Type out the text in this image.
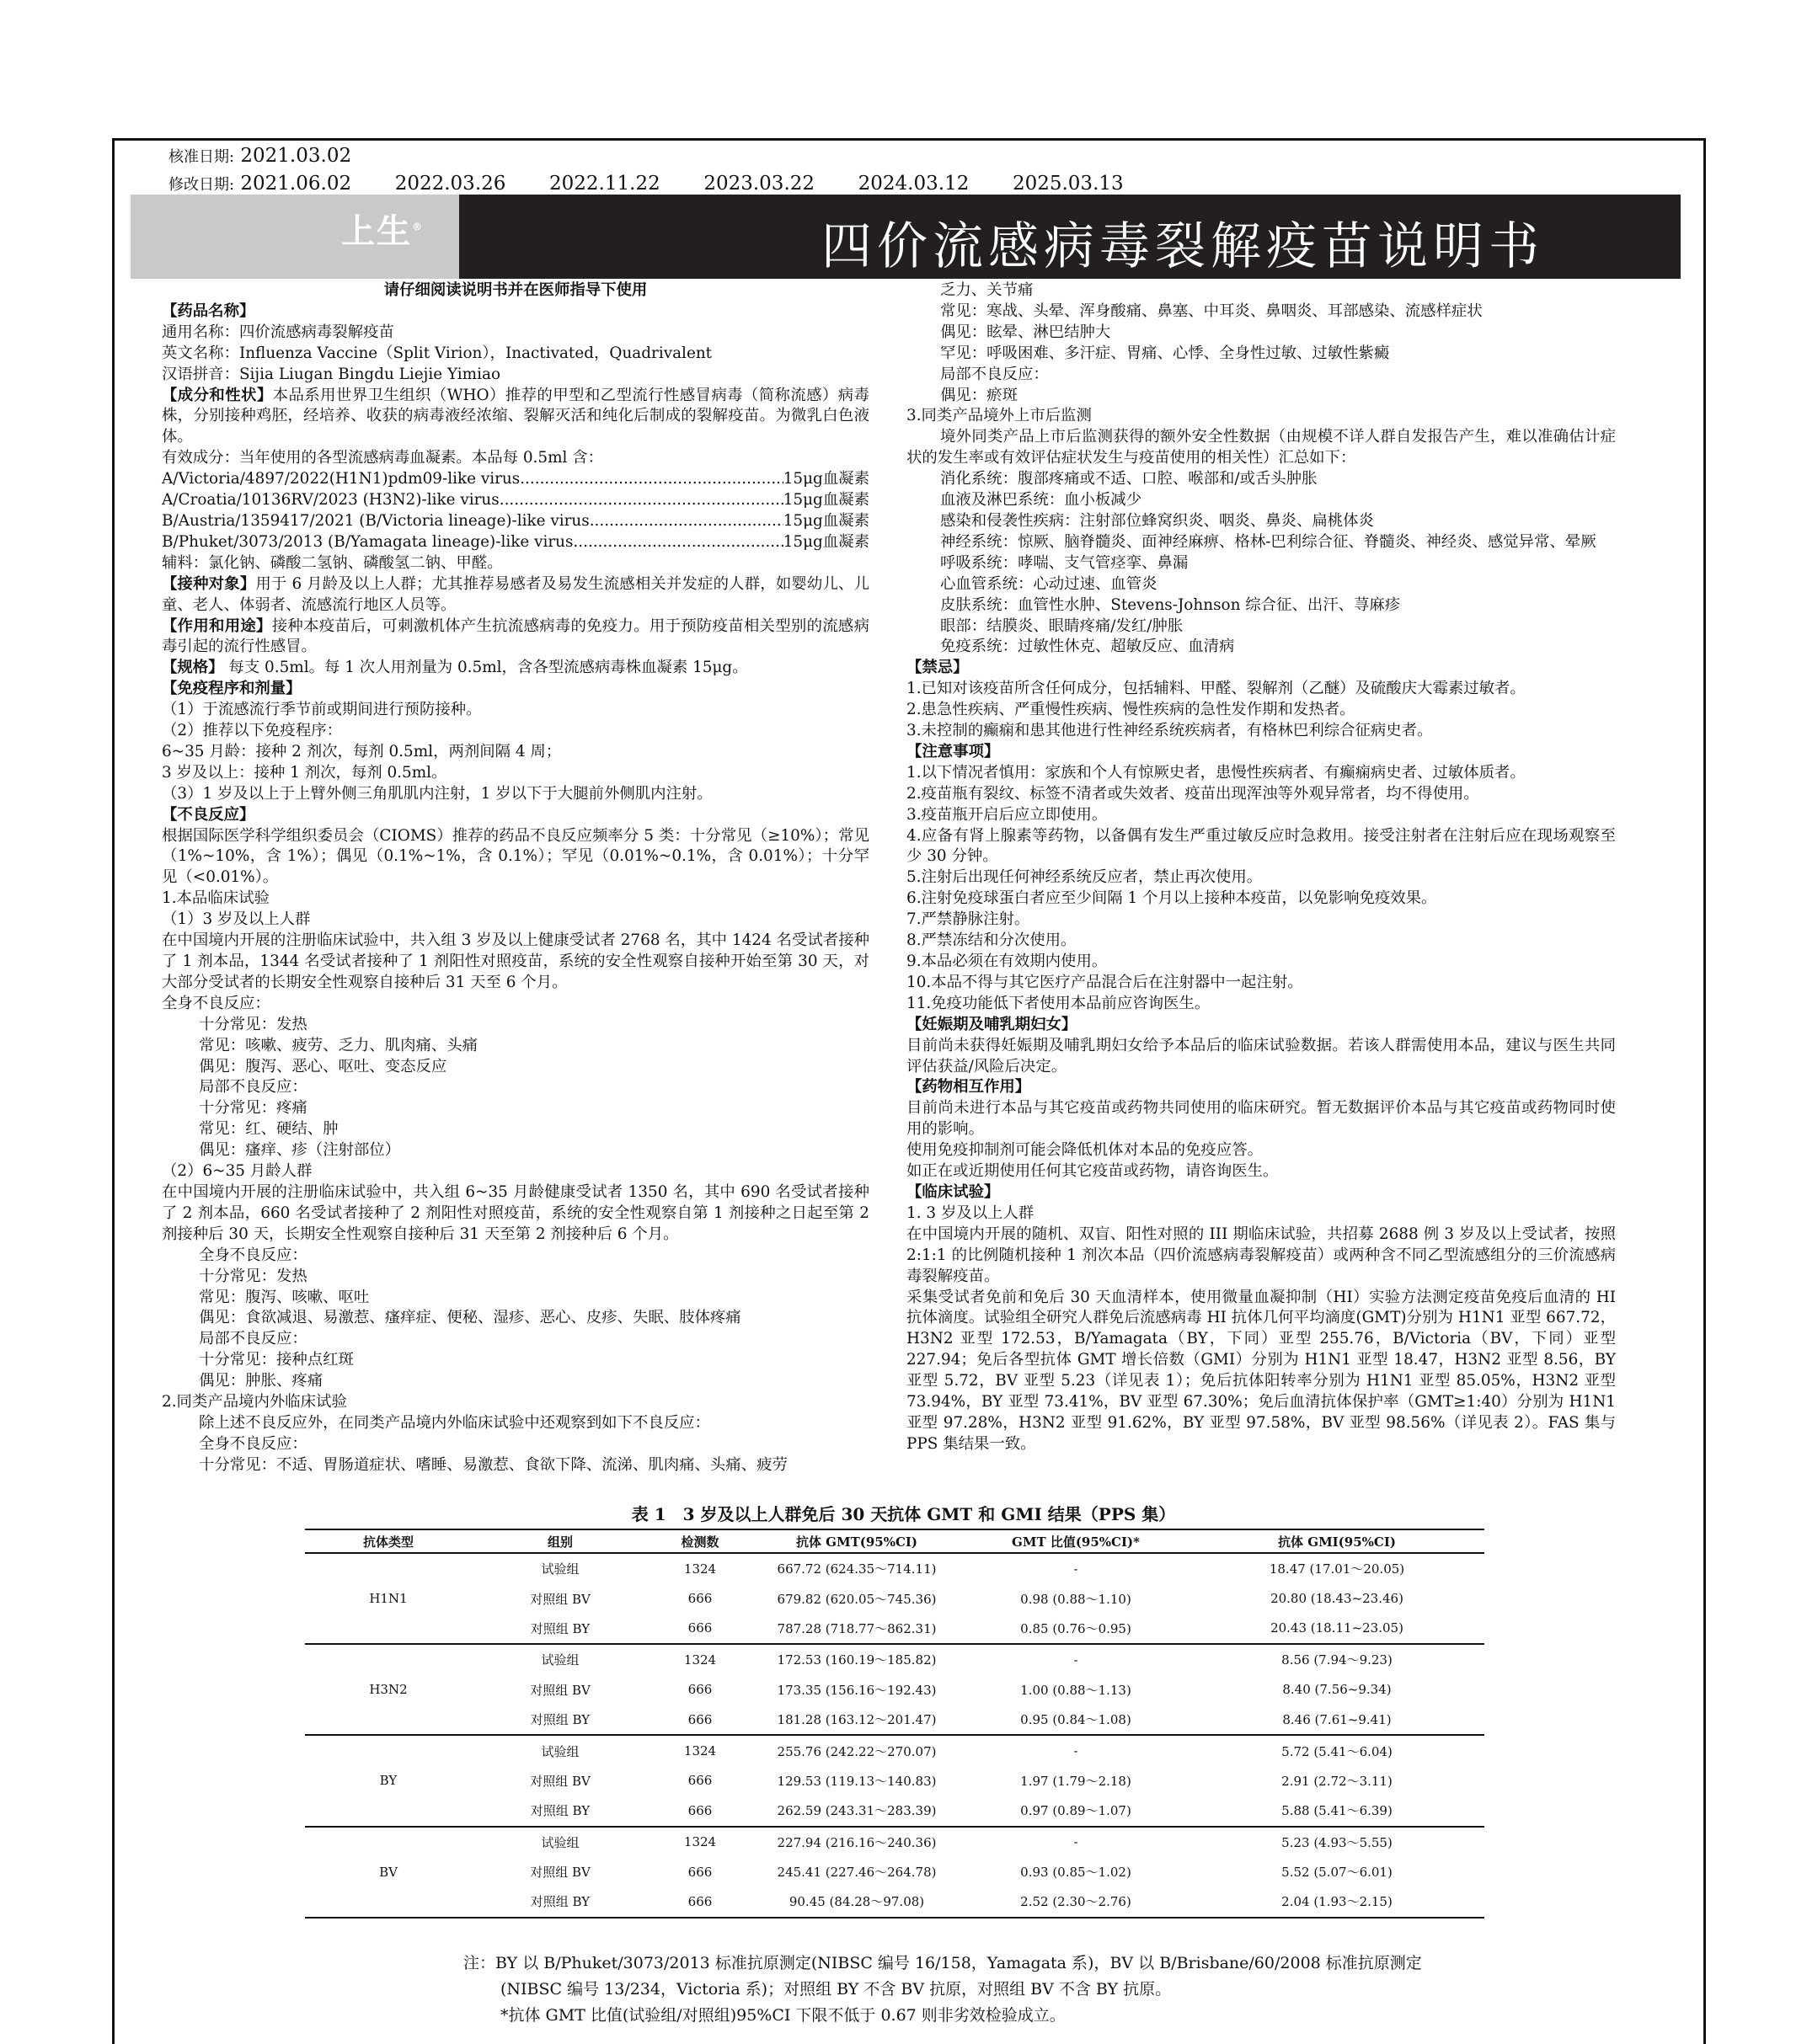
核准日期: 2021.03.02
修改日期: 2021.06.02 2022.03.26 2022.11.22 2023.03.22 2024.03.12 2025.03.13
上生®	四价流感病毒裂解疫苗说明书

请仔细阅读说明书并在医师指导下使用

【药品名称】

通用名称：四价流感病毒裂解疫苗

英文名称：Influenza Vaccine（Split Virion），Inactivated，Quadrivalent

汉语拼音：Sijia Liugan Bingdu Liejie Yimiao

【成分和性状】本品系用世界卫生组织（WHO）推荐的甲型和乙型流行性感冒病毒（简称流感）病毒株，分别接种鸡胚，经培养、收获的病毒液经浓缩、裂解灭活和纯化后制成的裂解疫苗。为微乳白色液体。

有效成分：当年使用的各型流感病毒血凝素。本品每 0.5ml 含：

A/Victoria/4897/2022(H1N1)pdm09-like virus .....	15μg血凝素

A/Croatia/10136RV/2023 (H3N2)-like virus .....	15μg血凝素

B/Austria/1359417/2021 (B/Victoria lineage)-like virus .....	15μg血凝素

B/Phuket/3073/2013 (B/Yamagata lineage)-like virus .....	15μg血凝素

辅料：氯化钠、磷酸二氢钠、磷酸氢二钠、甲醛。

【接种对象】用于 6 月龄及以上人群；尤其推荐易感者及易发生流感相关并发症的人群，如婴幼儿、儿童、老人、体弱者、流感流行地区人员等。

【作用和用途】接种本疫苗后，可刺激机体产生抗流感病毒的免疫力。用于预防疫苗相关型别的流感病毒引起的流行性感冒。

【规格】 每支 0.5ml。每 1 次人用剂量为 0.5ml，含各型流感病毒株血凝素 15μg。

【免疫程序和剂量】

（1）于流感流行季节前或期间进行预防接种。

（2）推荐以下免疫程序：

6~35 月龄：接种 2 剂次，每剂 0.5ml，两剂间隔 4 周；

3 岁及以上：接种 1 剂次，每剂 0.5ml。

（3）1 岁及以上于上臂外侧三角肌肌内注射，1 岁以下于大腿前外侧肌内注射。

【不良反应】

根据国际医学科学组织委员会（CIOMS）推荐的药品不良反应频率分 5 类：十分常见（≥10%）；常见（1%~10%，含 1%）；偶见（0.1%~1%，含 0.1%）；罕见（0.01%~0.1%，含 0.01%）；十分罕见（<0.01%）。

1.本品临床试验

（1）3 岁及以上人群

在中国境内开展的注册临床试验中，共入组 3 岁及以上健康受试者 2768 名，其中 1424 名受试者接种了 1 剂本品，1344 名受试者接种了 1 剂阳性对照疫苗，系统的安全性观察自接种开始至第 30 天，对大部分受试者的长期安全性观察自接种后 31 天至 6 个月。

全身不良反应：

十分常见：发热

常见：咳嗽、疲劳、乏力、肌肉痛、头痛

偶见：腹泻、恶心、呕吐、变态反应

局部不良反应：

十分常见：疼痛

常见：红、硬结、肿

偶见：瘙痒、疹（注射部位）

（2）6~35 月龄人群

在中国境内开展的注册临床试验中，共入组 6~35 月龄健康受试者 1350 名，其中 690 名受试者接种了 2 剂本品，660 名受试者接种了 2 剂阳性对照疫苗，系统的安全性观察自第 1 剂接种之日起至第 2 剂接种后 30 天，长期安全性观察自接种后 31 天至第 2 剂接种后 6 个月。

全身不良反应：

十分常见：发热

常见：腹泻、咳嗽、呕吐

偶见：食欲减退、易激惹、瘙痒症、便秘、湿疹、恶心、皮疹、失眠、肢体疼痛

局部不良反应：

十分常见：接种点红斑

偶见：肿胀、疼痛

2.同类产品境内外临床试验

除上述不良反应外，在同类产品境内外临床试验中还观察到如下不良反应：

全身不良反应：

十分常见：不适、胃肠道症状、嗜睡、易激惹、食欲下降、流涕、肌肉痛、头痛、疲劳

乏力、关节痛

常见：寒战、头晕、浑身酸痛、鼻塞、中耳炎、鼻咽炎、耳部感染、流感样症状

偶见：眩晕、淋巴结肿大

罕见：呼吸困难、多汗症、胃痛、心悸、全身性过敏、过敏性紫癜

局部不良反应：

偶见：瘀斑

3.同类产品境外上市后监测

境外同类产品上市后监测获得的额外安全性数据（由规模不详人群自发报告产生，难以准确估计症状的发生率或有效评估症状发生与疫苗使用的相关性）汇总如下：

消化系统：腹部疼痛或不适、口腔、喉部和/或舌头肿胀

血液及淋巴系统：血小板减少

感染和侵袭性疾病：注射部位蜂窝织炎、咽炎、鼻炎、扁桃体炎

神经系统：惊厥、脑脊髓炎、面神经麻痹、格林-巴利综合征、脊髓炎、神经炎、感觉异常、晕厥

呼吸系统：哮喘、支气管痉挛、鼻漏

心血管系统：心动过速、血管炎

皮肤系统：血管性水肿、Stevens-Johnson 综合征、出汗、荨麻疹

眼部：结膜炎、眼睛疼痛/发红/肿胀

免疫系统：过敏性休克、超敏反应、血清病

【禁忌】

1.已知对该疫苗所含任何成分，包括辅料、甲醛、裂解剂（乙醚）及硫酸庆大霉素过敏者。

2.患急性疾病、严重慢性疾病、慢性疾病的急性发作期和发热者。

3.未控制的癫痫和患其他进行性神经系统疾病者，有格林巴利综合征病史者。

【注意事项】

1.以下情况者慎用：家族和个人有惊厥史者，患慢性疾病者、有癫痫病史者、过敏体质者。

2.疫苗瓶有裂纹、标签不清者或失效者、疫苗出现浑浊等外观异常者，均不得使用。

3.疫苗瓶开启后应立即使用。

4.应备有肾上腺素等药物，以备偶有发生严重过敏反应时急救用。接受注射者在注射后应在现场观察至少 30 分钟。

5.注射后出现任何神经系统反应者，禁止再次使用。

6.注射免疫球蛋白者应至少间隔 1 个月以上接种本疫苗，以免影响免疫效果。

7.严禁静脉注射。

8.严禁冻结和分次使用。

9.本品必须在有效期内使用。

10.本品不得与其它医疗产品混合后在注射器中一起注射。

11.免疫功能低下者使用本品前应咨询医生。

【妊娠期及哺乳期妇女】

目前尚未获得妊娠期及哺乳期妇女给予本品后的临床试验数据。若该人群需使用本品，建议与医生共同评估获益/风险后决定。

【药物相互作用】

目前尚未进行本品与其它疫苗或药物共同使用的临床研究。暂无数据评价本品与其它疫苗或药物同时使用的影响。

使用免疫抑制剂可能会降低机体对本品的免疫应答。

如正在或近期使用任何其它疫苗或药物，请咨询医生。

【临床试验】

1. 3 岁及以上人群

在中国境内开展的随机、双盲、阳性对照的 III 期临床试验，共招募 2688 例 3 岁及以上受试者，按照 2:1:1 的比例随机接种 1 剂次本品（四价流感病毒裂解疫苗）或两种含不同乙型流感组分的三价流感病毒裂解疫苗。

采集受试者免前和免后 30 天血清样本，使用微量血凝抑制（HI）实验方法测定疫苗免疫后血清的 HI 抗体滴度。试验组全研究人群免后流感病毒 HI 抗体几何平均滴度(GMT)分别为 H1N1 亚型 667.72，H3N2 亚型 172.53，B/Yamagata（BY，下同）亚型 255.76，B/Victoria（BV，下同）亚型 227.94；免后各型抗体 GMT 增长倍数（GMI）分别为 H1N1 亚型 18.47，H3N2 亚型 8.56，BY 亚型 5.72，BV 亚型 5.23（详见表 1）；免后抗体阳转率分别为 H1N1 亚型 85.05%，H3N2 亚型 73.94%，BY 亚型 73.41%，BV 亚型 67.30%；免后血清抗体保护率（GMT≥1:40）分别为 H1N1 亚型 97.28%，H3N2 亚型 91.62%，BY 亚型 97.58%，BV 亚型 98.56%（详见表 2）。FAS 集与 PPS 集结果一致。

表 1　3 岁及以上人群免后 30 天抗体 GMT 和 GMI 结果（PPS 集）
抗体类型	组别	检测数	抗体 GMT(95%CI)	GMT 比值(95%CI)*	抗体 GMI(95%CI)
H1N1	试验组	1324	667.72 (624.35～714.11)	-	18.47 (17.01～20.05)
	对照组 BV	666	679.82 (620.05～745.36)	0.98 (0.88～1.10)	20.80 (18.43~23.46)
	对照组 BY	666	787.28 (718.77～862.31)	0.85 (0.76～0.95)	20.43 (18.11~23.05)
H3N2	试验组	1324	172.53 (160.19～185.82)	-	8.56 (7.94～9.23)
	对照组 BV	666	173.35 (156.16～192.43)	1.00 (0.88～1.13)	8.40 (7.56~9.34)
	对照组 BY	666	181.28 (163.12～201.47)	0.95 (0.84～1.08)	8.46 (7.61~9.41)
BY	试验组	1324	255.76 (242.22～270.07)	-	5.72 (5.41～6.04)
	对照组 BV	666	129.53 (119.13～140.83)	1.97 (1.79～2.18)	2.91 (2.72～3.11)
	对照组 BY	666	262.59 (243.31～283.39)	0.97 (0.89～1.07)	5.88 (5.41～6.39)
BV	试验组	1324	227.94 (216.16～240.36)	-	5.23 (4.93～5.55)
	对照组 BV	666	245.41 (227.46～264.78)	0.93 (0.85～1.02)	5.52 (5.07～6.01)
	对照组 BY	666	90.45 (84.28～97.08)	2.52 (2.30～2.76)	2.04 (1.93～2.15)

注：BY 以 B/Phuket/3073/2013 标准抗原测定(NIBSC 编号 16/158，Yamagata 系)，BV 以 B/Brisbane/60/2008 标准抗原测定

(NIBSC 编号 13/234，Victoria 系)；对照组 BY 不含 BV 抗原，对照组 BV 不含 BY 抗原。

*抗体 GMT 比值(试验组/对照组)95%CI 下限不低于 0.67 则非劣效检验成立。
